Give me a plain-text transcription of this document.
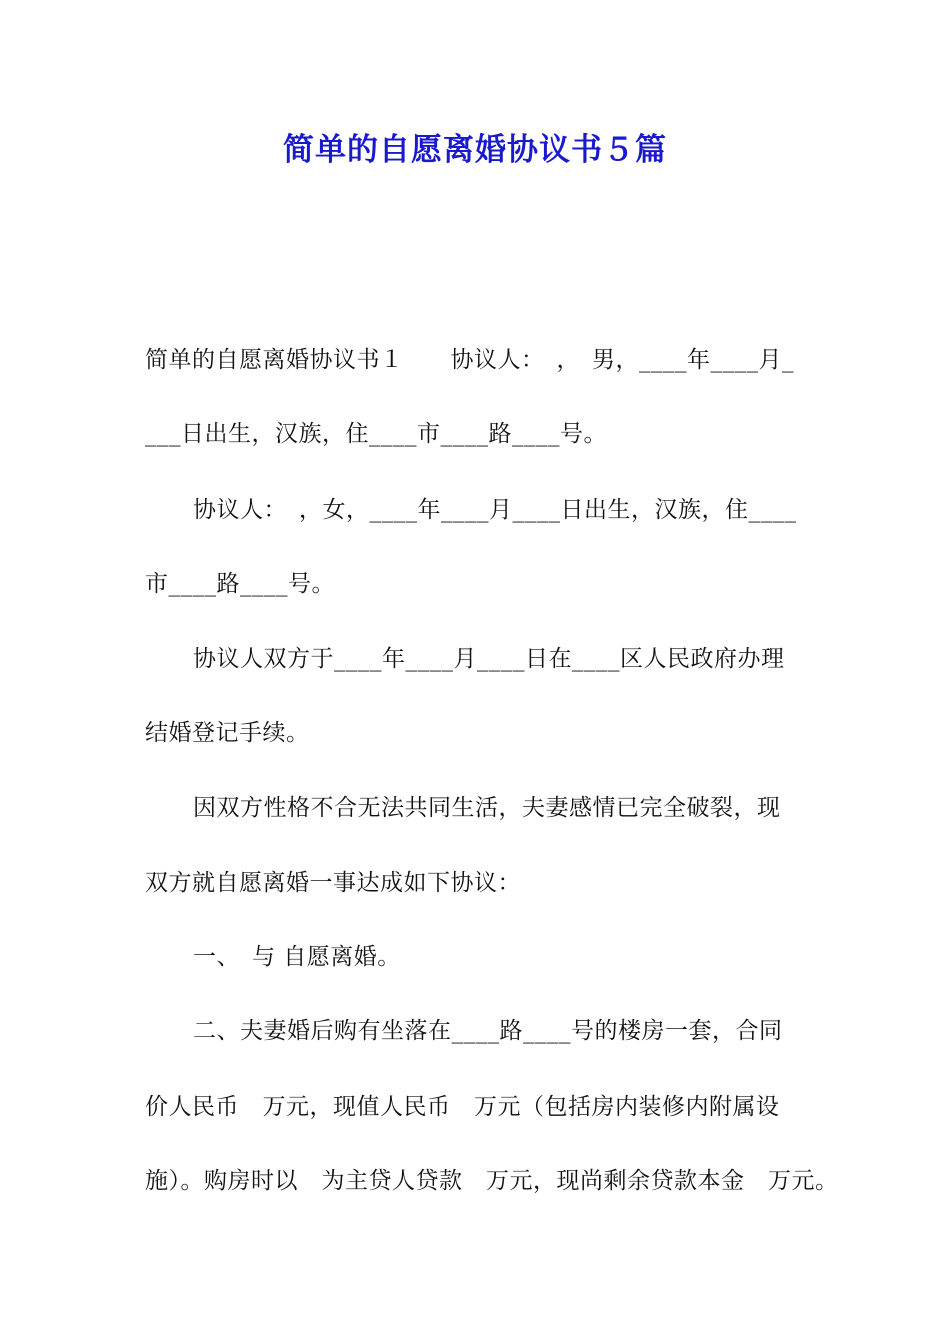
简单的自愿离婚协议书５篇
简单的自愿离婚协议书１　　协议人：　，　男，____年____月_
___日出生，汉族，住____市____路____号。
协议人：　，女，____年____月____日出生，汉族，住____
市____路____号。
协议人双方于____年____月____日在____区人民政府办理
结婚登记手续。
因双方性格不合无法共同生活，夫妻感情已完全破裂，现
双方就自愿离婚一事达成如下协议：
一、　与 自愿离婚。
二、夫妻婚后购有坐落在____路____号的楼房一套，合同
价人民币　万元，现值人民币　万元（包括房内装修内附属设
施）。购房时以　为主贷人贷款　万元，现尚剩余贷款本金　万元。
